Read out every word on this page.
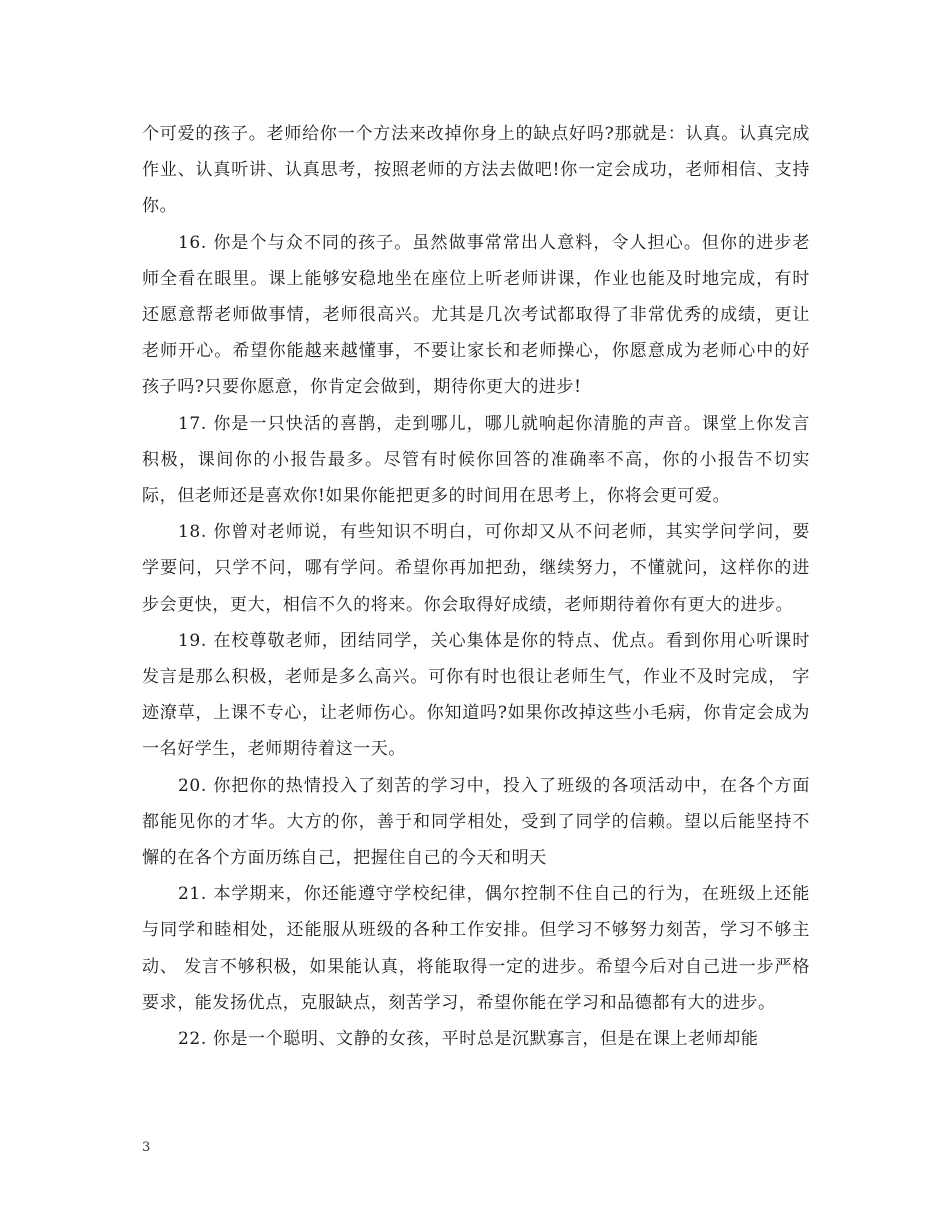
个可爱的孩子。老师给你一个方法来改掉你身上的缺点好吗?那就是：认真。认真完成作业、认真听讲、认真思考，按照老师的方法去做吧!你一定会成功，老师相信、支持你。

16. 你是个与众不同的孩子。虽然做事常常出人意料，令人担心。但你的进步老师全看在眼里。课上能够安稳地坐在座位上听老师讲课，作业也能及时地完成，有时还愿意帮老师做事情，老师很高兴。尤其是几次考试都取得了非常优秀的成绩，更让老师开心。希望你能越来越懂事，不要让家长和老师操心，你愿意成为老师心中的好孩子吗?只要你愿意，你肯定会做到，期待你更大的进步!

17. 你是一只快活的喜鹊，走到哪儿，哪儿就响起你清脆的声音。课堂上你发言积极，课间你的小报告最多。尽管有时候你回答的准确率不高，你的小报告不切实际，但老师还是喜欢你!如果你能把更多的时间用在思考上，你将会更可爱。

18. 你曾对老师说，有些知识不明白，可你却又从不问老师，其实学问学问，要学要问，只学不问，哪有学问。希望你再加把劲，继续努力，不懂就问，这样你的进步会更快，更大，相信不久的将来。你会取得好成绩，老师期待着你有更大的进步。

19. 在校尊敬老师，团结同学，关心集体是你的特点、优点。看到你用心听课时发言是那么积极，老师是多么高兴。可你有时也很让老师生气，作业不及时完成， 字迹潦草，上课不专心，让老师伤心。你知道吗?如果你改掉这些小毛病，你肯定会成为一名好学生，老师期待着这一天。

20. 你把你的热情投入了刻苦的学习中，投入了班级的各项活动中，在各个方面都能见你的才华。大方的你，善于和同学相处，受到了同学的信赖。望以后能坚持不懈的在各个方面历练自己，把握住自己的今天和明天

21. 本学期来，你还能遵守学校纪律，偶尔控制不住自己的行为，在班级上还能与同学和睦相处，还能服从班级的各种工作安排。但学习不够努力刻苦，学习不够主动、 发言不够积极，如果能认真，将能取得一定的进步。希望今后对自己进一步严格要求，能发扬优点，克服缺点，刻苦学习，希望你能在学习和品德都有大的进步。

22. 你是一个聪明、文静的女孩，平时总是沉默寡言，但是在课上老师却能

3
